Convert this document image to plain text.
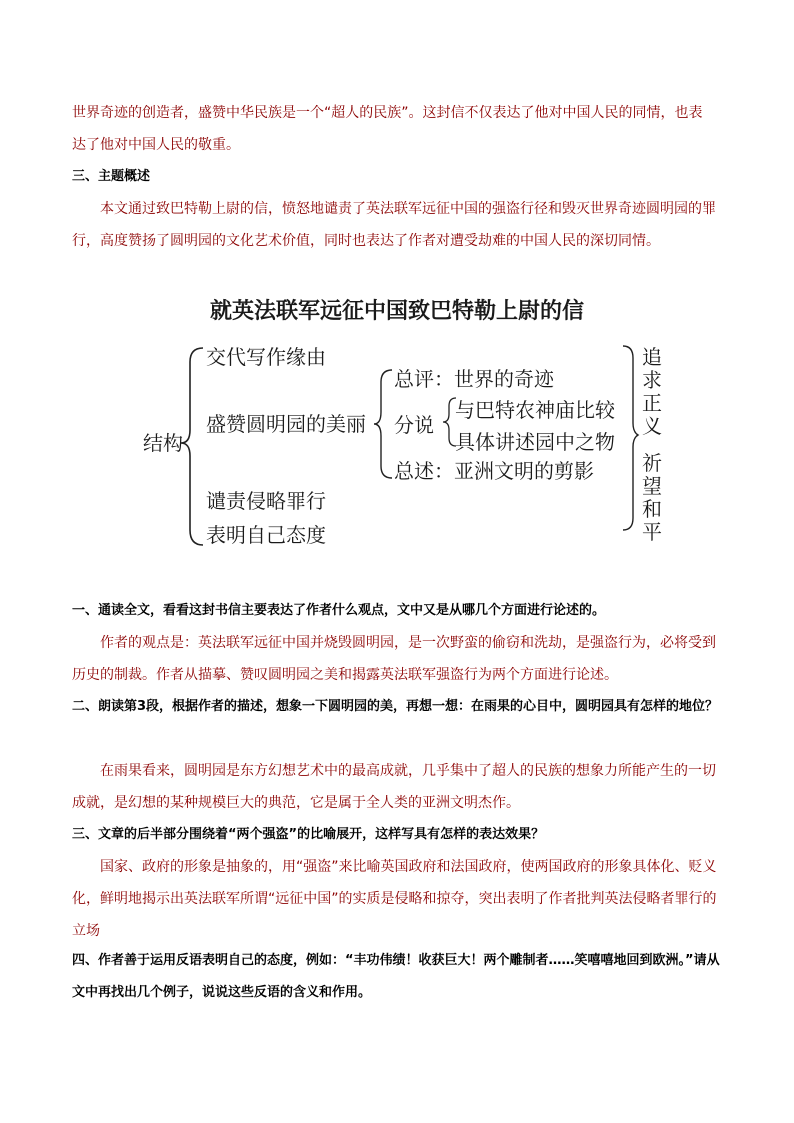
世界奇迹的创造者，盛赞中华民族是一个“超人的民族”。这封信不仅表达了他对中国人民的同情，也表

达了他对中国人民的敬重。

三、主题概述

本文通过致巴特勒上尉的信，愤怒地谴责了英法联军远征中国的强盗行径和毁灭世界奇迹圆明园的罪行，高度赞扬了圆明园的文化艺术价值，同时也表达了作者对遭受劫难的中国人民的深切同情。

就英法联军远征中国致巴特勒上尉的信
结构
交代写作缘由
盛赞圆明园的美丽
谴责侵略罪行
表明自己态度
总评：世界的奇迹
分说
与巴特农神庙比较
具体讲述园中之物
总述：亚洲文明的剪影
追
求
正
义
祈
望
和
平

一、通读全文，看看这封书信主要表达了作者什么观点，文中又是从哪几个方面进行论述的。

作者的观点是：英法联军远征中国并烧毁圆明园，是一次野蛮的偷窃和洗劫，是强盗行为，必将受到历史的制裁。作者从描摹、赞叹圆明园之美和揭露英法联军强盗行为两个方面进行论述。

二、朗读第3段，根据作者的描述，想象一下圆明园的美，再想一想：在雨果的心目中，圆明园具有怎样的地位？

在雨果看来，圆明园是东方幻想艺术中的最高成就，几乎集中了超人的民族的想象力所能产生的一切成就，是幻想的某种规模巨大的典范，它是属于全人类的亚洲文明杰作。

三、文章的后半部分围绕着“两个强盗”的比喻展开，这样写具有怎样的表达效果？

国家、政府的形象是抽象的，用“强盗”来比喻英国政府和法国政府，使两国政府的形象具体化、贬义化，鲜明地揭示出英法联军所谓“远征中国”的实质是侵略和掠夺，突出表明了作者批判英法侵略者罪行的立场

四、作者善于运用反语表明自己的态度，例如：“丰功伟绩！收获巨大！两个雕制者……笑嘻嘻地回到欧洲。”请从文中再找出几个例子，说说这些反语的含义和作用。
